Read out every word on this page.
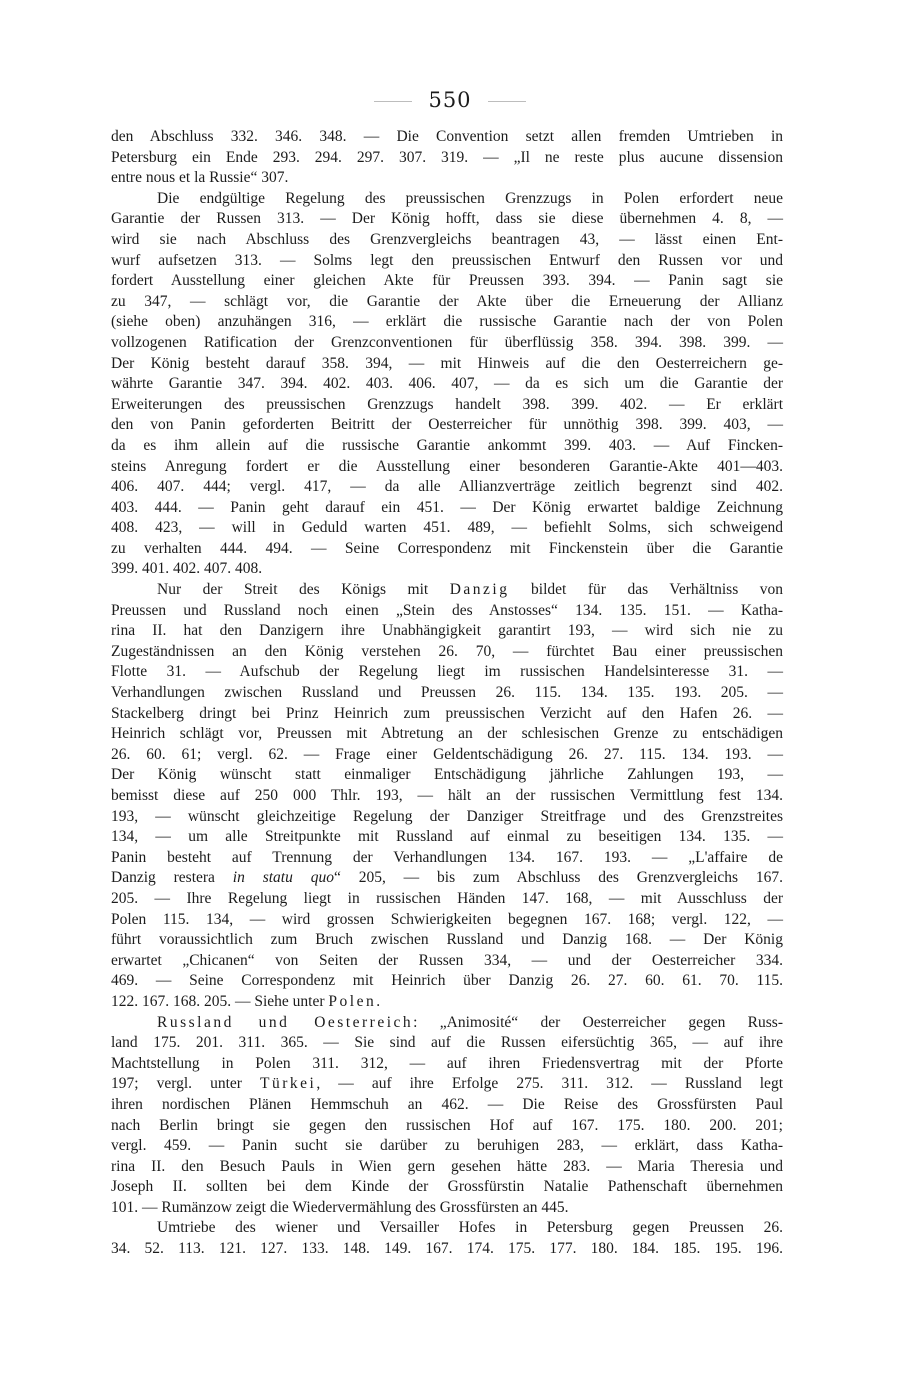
550
den Abschluss 332. 346. 348. — Die Convention setzt allen fremden Umtrieben in
Petersburg ein Ende 293. 294. 297. 307. 319. — „Il ne reste plus aucune dissension
entre nous et la Russie“ 307.
Die endgültige Regelung des preussischen Grenzzugs in Polen erfordert neue
Garantie der Russen 313. — Der König hofft, dass sie diese übernehmen 4. 8, —
wird sie nach Abschluss des Grenzvergleichs beantragen 43, — lässt einen Ent-
wurf aufsetzen 313. — Solms legt den preussischen Entwurf den Russen vor und
fordert Ausstellung einer gleichen Akte für Preussen 393. 394. — Panin sagt sie
zu 347, — schlägt vor, die Garantie der Akte über die Erneuerung der Allianz
(siehe oben) anzuhängen 316, — erklärt die russische Garantie nach der von Polen
vollzogenen Ratification der Grenzconventionen für überflüssig 358. 394. 398. 399. —
Der König besteht darauf 358. 394, — mit Hinweis auf die den Oesterreichern ge-
währte Garantie 347. 394. 402. 403. 406. 407, — da es sich um die Garantie der
Erweiterungen des preussischen Grenzzugs handelt 398. 399. 402. — Er erklärt
den von Panin geforderten Beitritt der Oesterreicher für unnöthig 398. 399. 403, —
da es ihm allein auf die russische Garantie ankommt 399. 403. — Auf Fincken-
steins Anregung fordert er die Ausstellung einer besonderen Garantie-Akte 401—403.
406. 407. 444; vergl. 417, — da alle Allianzverträge zeitlich begrenzt sind 402.
403. 444. — Panin geht darauf ein 451. — Der König erwartet baldige Zeichnung
408. 423, — will in Geduld warten 451. 489, — befiehlt Solms, sich schweigend
zu verhalten 444. 494. — Seine Correspondenz mit Finckenstein über die Garantie
399. 401. 402. 407. 408.
Nur der Streit des Königs mit Danzig bildet für das Verhältniss von
Preussen und Russland noch einen „Stein des Anstosses“ 134. 135. 151. — Katha-
rina II. hat den Danzigern ihre Unabhängigkeit garantirt 193, — wird sich nie zu
Zugeständnissen an den König verstehen 26. 70, — fürchtet Bau einer preussischen
Flotte 31. — Aufschub der Regelung liegt im russischen Handelsinteresse 31. —
Verhandlungen zwischen Russland und Preussen 26. 115. 134. 135. 193. 205. —
Stackelberg dringt bei Prinz Heinrich zum preussischen Verzicht auf den Hafen 26. —
Heinrich schlägt vor, Preussen mit Abtretung an der schlesischen Grenze zu entschädigen
26. 60. 61; vergl. 62. — Frage einer Geldentschädigung 26. 27. 115. 134. 193. —
Der König wünscht statt einmaliger Entschädigung jährliche Zahlungen 193, —
bemisst diese auf 250 000 Thlr. 193, — hält an der russischen Vermittlung fest 134.
193, — wünscht gleichzeitige Regelung der Danziger Streitfrage und des Grenzstreites
134, — um alle Streitpunkte mit Russland auf einmal zu beseitigen 134. 135. —
Panin besteht auf Trennung der Verhandlungen 134. 167. 193. — „L'affaire de
Danzig restera in statu quo“ 205, — bis zum Abschluss des Grenzvergleichs 167.
205. — Ihre Regelung liegt in russischen Händen 147. 168, — mit Ausschluss der
Polen 115. 134, — wird grossen Schwierigkeiten begegnen 167. 168; vergl. 122, —
führt voraussichtlich zum Bruch zwischen Russland und Danzig 168. — Der König
erwartet „Chicanen“ von Seiten der Russen 334, — und der Oesterreicher 334.
469. — Seine Correspondenz mit Heinrich über Danzig 26. 27. 60. 61. 70. 115.
122. 167. 168. 205. — Siehe unter Polen.
Russland und Oesterreich: „Animosité“ der Oesterreicher gegen Russ-
land 175. 201. 311. 365. — Sie sind auf die Russen eifersüchtig 365, — auf ihre
Machtstellung in Polen 311. 312, — auf ihren Friedensvertrag mit der Pforte
197; vergl. unter Türkei, — auf ihre Erfolge 275. 311. 312. — Russland legt
ihren nordischen Plänen Hemmschuh an 462. — Die Reise des Grossfürsten Paul
nach Berlin bringt sie gegen den russischen Hof auf 167. 175. 180. 200. 201;
vergl. 459. — Panin sucht sie darüber zu beruhigen 283, — erklärt, dass Katha-
rina II. den Besuch Pauls in Wien gern gesehen hätte 283. — Maria Theresia und
Joseph II. sollten bei dem Kinde der Grossfürstin Natalie Pathenschaft übernehmen
101. — Rumänzow zeigt die Wiedervermählung des Grossfürsten an 445.
Umtriebe des wiener und Versailler Hofes in Petersburg gegen Preussen 26.
34. 52. 113. 121. 127. 133. 148. 149. 167. 174. 175. 177. 180. 184. 185. 195. 196.
